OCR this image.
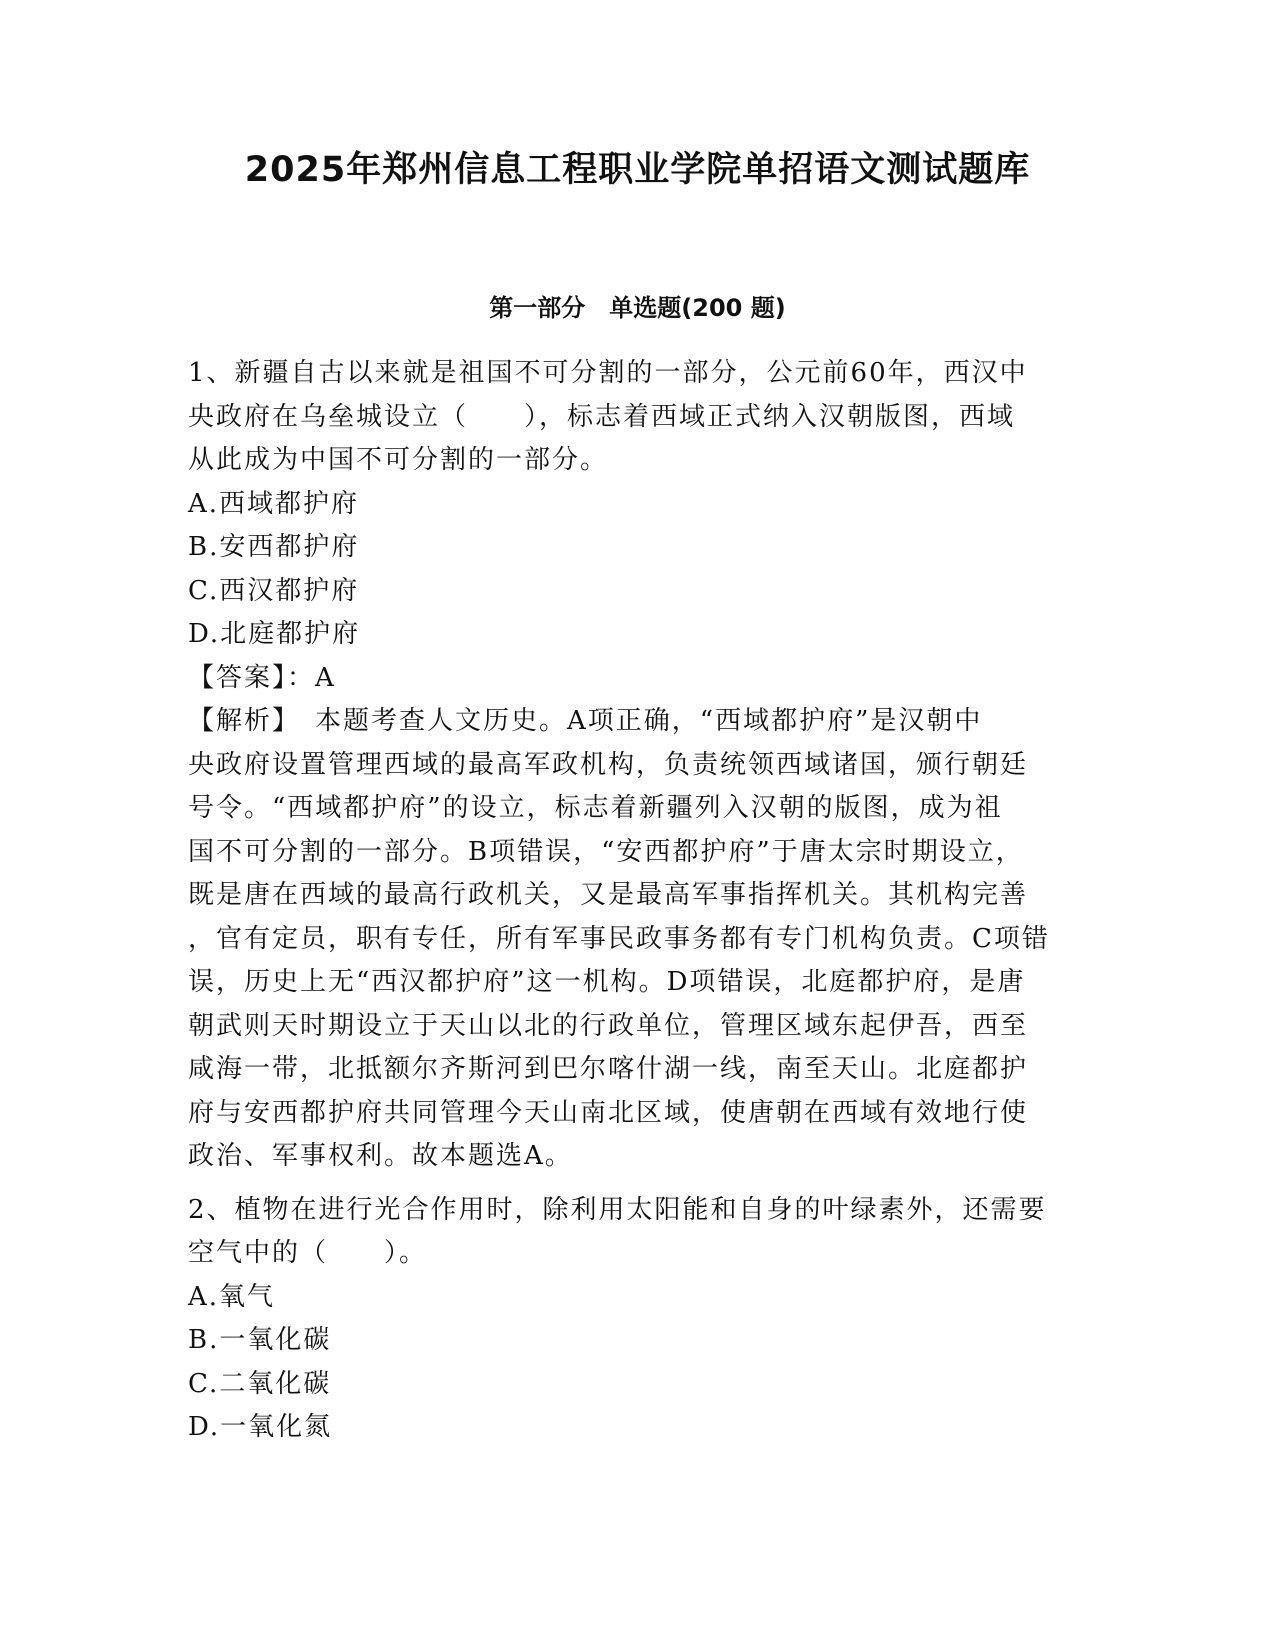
2025年郑州信息工程职业学院单招语文测试题库
第一部分　单选题(200 题)
1、新疆自古以来就是祖国不可分割的一部分，公元前60年，西汉中
央政府在乌垒城设立（　　），标志着西域正式纳入汉朝版图，西域
从此成为中国不可分割的一部分。
A.西域都护府
B.安西都护府
C.西汉都护府
D.北庭都护府
【答案】：A
【解析】　本题考查人文历史。A项正确，“西域都护府”是汉朝中
央政府设置管理西域的最高军政机构，负责统领西域诸国，颁行朝廷
号令。“西域都护府”的设立，标志着新疆列入汉朝的版图，成为祖
国不可分割的一部分。B项错误，“安西都护府”于唐太宗时期设立，
既是唐在西域的最高行政机关，又是最高军事指挥机关。其机构完善
，官有定员，职有专任，所有军事民政事务都有专门机构负责。C项错
误，历史上无“西汉都护府”这一机构。D项错误，北庭都护府，是唐
朝武则天时期设立于天山以北的行政单位，管理区域东起伊吾，西至
咸海一带，北抵额尔齐斯河到巴尔喀什湖一线，南至天山。北庭都护
府与安西都护府共同管理今天山南北区域，使唐朝在西域有效地行使
政治、军事权利。故本题选A。
2、植物在进行光合作用时，除利用太阳能和自身的叶绿素外，还需要
空气中的（　　）。
A.氧气
B.一氧化碳
C.二氧化碳
D.一氧化氮
